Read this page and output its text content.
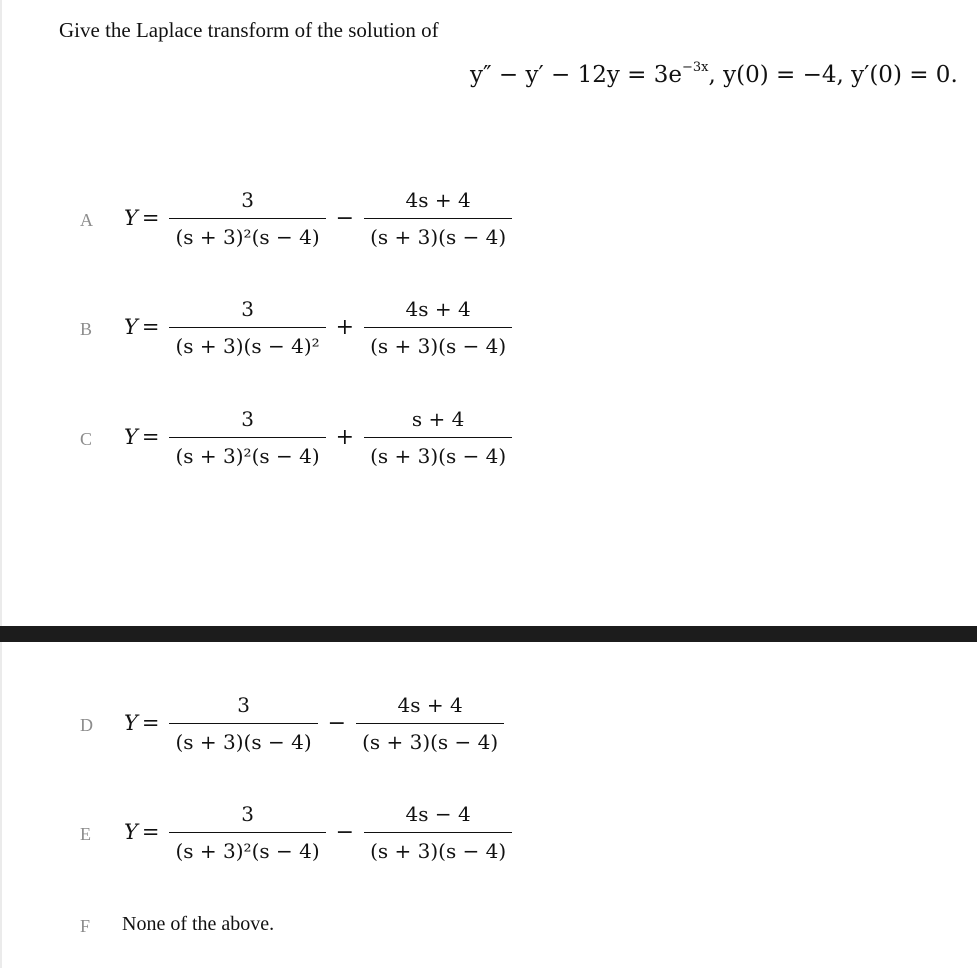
Give the Laplace transform of the solution of
$y'' - y' - 12y = 3e^{-3x}$, y(0) = −4, y′(0) = 0.
A $Y = \frac{3}{\text{(s + 3)²(s − 4)}} - \frac{4s + 4}{(s + 3)(s - 4)}$
B $Y = \frac{3}{\text{(s + 3)(s − 4)²}} + \frac{4s + 4}{(s + 3)(s - 4)}$
C $Y = \frac{3}{\text{(s + 3)²(s − 4)}} + \frac{s + 4}{(s + 3)(s - 4)}$
D $Y = \frac{3}{(s + 3)(s - 4)} - \frac{4s + 4}{(s + 3)(s - 4)}$
E $Y = \frac{3}{\text{(s + 3)²(s − 4)}} - \frac{4s - 4}{(s + 3)(s - 4)}$
F None of the above.
